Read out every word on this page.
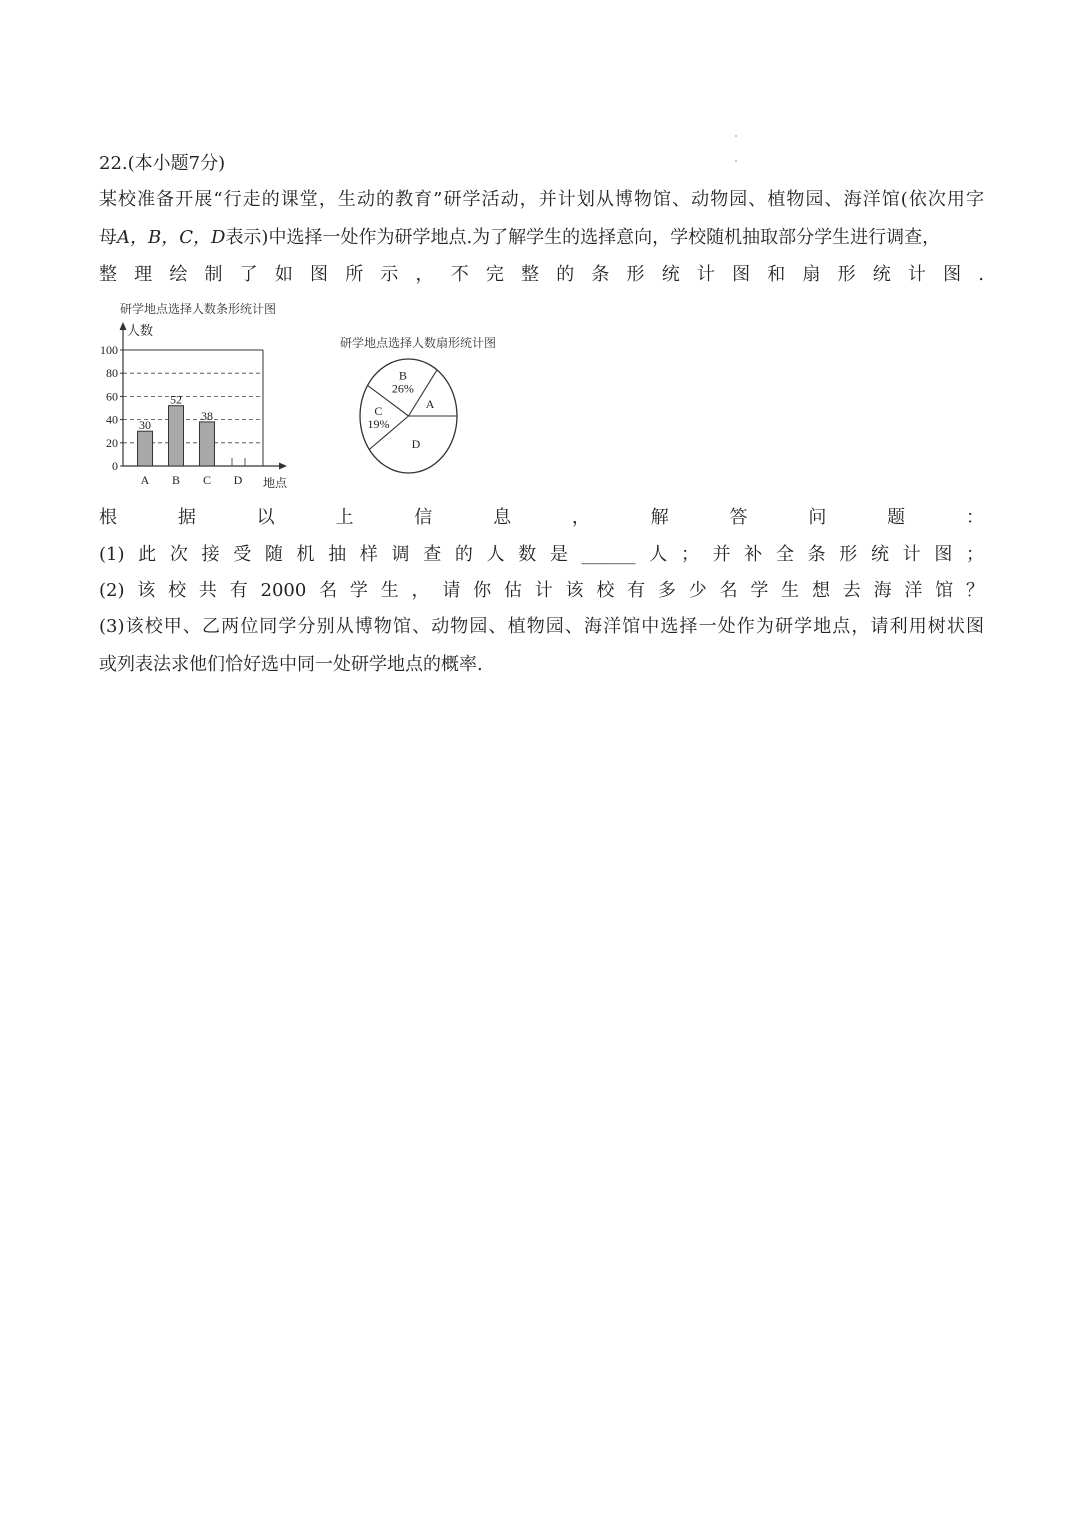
22.(本小题7分)
某校准备开展“行走的课堂，生动的教育”研学活动，并计划从博物馆、动物园、植物园、海洋馆(依次用字
母A，B，C，D表示)中选择一处作为研学地点.为了解学生的选择意向，学校随机抽取部分学生进行调查，
整理绘制了如图所示，不完整的条形统计图和扇形统计图.
研学地点选择人数条形统计图
0
20
40
60
80
100
人数
地点
30
A
52
B
38
C D
研学地点选择人数扇形统计图
A
B
26%
C
19%
D
根据以上信息，解答问题：
(1)此次接受随机抽样调查的人数是______人；并补全条形统计图；
(2)该校共有2000名学生，请你估计该校有多少名学生想去海洋馆？
(3)该校甲、乙两位同学分别从博物馆、动物园、植物园、海洋馆中选择一处作为研学地点，请利用树状图
或列表法求他们恰好选中同一处研学地点的概率.
